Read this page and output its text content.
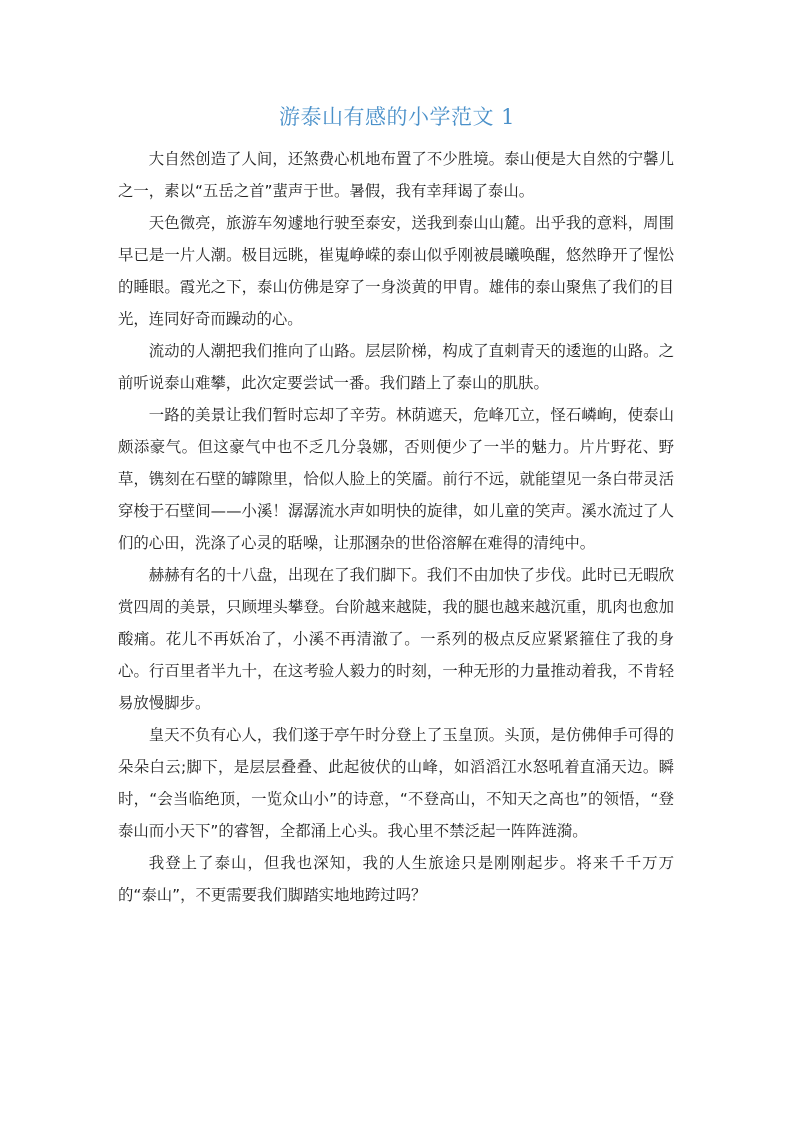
游泰山有感的小学范文 1

大自然创造了人间，还煞费心机地布置了不少胜境。泰山便是大自然的宁馨儿之一，素以“五岳之首”蜚声于世。暑假，我有幸拜谒了泰山。

天色微亮，旅游车匆遽地行驶至泰安，送我到泰山山麓。出乎我的意料，周围早已是一片人潮。极目远眺，崔嵬峥嵘的泰山似乎刚被晨曦唤醒，悠然睁开了惺忪的睡眼。霞光之下，泰山仿佛是穿了一身淡黄的甲胄。雄伟的泰山聚焦了我们的目光，连同好奇而躁动的心。

流动的人潮把我们推向了山路。层层阶梯，构成了直刺青天的逶迤的山路。之前听说泰山难攀，此次定要尝试一番。我们踏上了泰山的肌肤。

一路的美景让我们暂时忘却了辛劳。林荫遮天，危峰兀立，怪石嶙峋，使泰山颇添豪气。但这豪气中也不乏几分袅娜，否则便少了一半的魅力。片片野花、野草，镌刻在石壁的罅隙里，恰似人脸上的笑靥。前行不远，就能望见一条白带灵活穿梭于石壁间——小溪！潺潺流水声如明快的旋律，如儿童的笑声。溪水流过了人们的心田，洗涤了心灵的聒噪，让那溷杂的世俗溶解在难得的清纯中。

赫赫有名的十八盘，出现在了我们脚下。我们不由加快了步伐。此时已无暇欣赏四周的美景，只顾埋头攀登。台阶越来越陡，我的腿也越来越沉重，肌肉也愈加酸痛。花儿不再妖冶了，小溪不再清澈了。一系列的极点反应紧紧箍住了我的身心。行百里者半九十，在这考验人毅力的时刻，一种无形的力量推动着我，不肯轻易放慢脚步。

皇天不负有心人，我们遂于亭午时分登上了玉皇顶。头顶，是仿佛伸手可得的朵朵白云;脚下，是层层叠叠、此起彼伏的山峰，如滔滔江水怒吼着直涌天边。瞬时，“会当临绝顶，一览众山小”的诗意，“不登高山，不知天之高也”的领悟，“登泰山而小天下”的睿智，全都涌上心头。我心里不禁泛起一阵阵涟漪。

我登上了泰山，但我也深知，我的人生旅途只是刚刚起步。将来千千万万的“泰山”，不更需要我们脚踏实地地跨过吗？
